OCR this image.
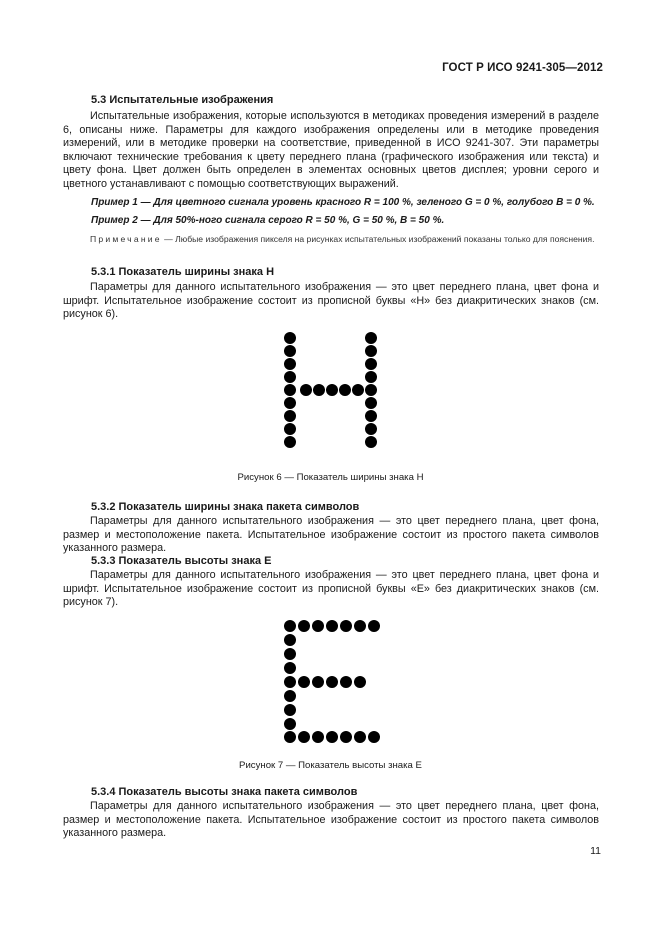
ГОСТ Р ИСО 9241-305—2012
5.3 Испытательные изображения
Испытательные изображения, которые используются в методиках проведения измерений в разделе 6, описаны ниже. Параметры для каждого изображения определены или в методике проведения измерений, или в методике проверки на соответствие, приведенной в ИСО 9241-307. Эти параметры включают технические требования к цвету переднего плана (графического изображения или текста) и цвету фона. Цвет должен быть определен в элементах основных цветов дисплея; уровни серого и цветного устанавливают с помощью соответствующих выражений.
Пример 1 — Для цветного сигнала уровень красного R = 100 %, зеленого G = 0 %, голубого B = 0 %.
Пример 2 — Для 50%-ного сигнала серого R = 50 %, G = 50 %, B = 50 %.
Примечание — Любые изображения пикселя на рисунках испытательных изображений показаны только для пояснения.
5.3.1 Показатель ширины знака Н
Параметры для данного испытательного изображения — это цвет переднего плана, цвет фона и шрифт. Испытательное изображение состоит из прописной буквы «Н» без диакритических знаков (см. рисунок 6).
Рисунок 6 — Показатель ширины знака Н
5.3.2 Показатель ширины знака пакета символов
Параметры для данного испытательного изображения — это цвет переднего плана, цвет фона, размер и местоположение пакета. Испытательное изображение состоит из простого пакета символов указанного размера.
5.3.3 Показатель высоты знака Е
Параметры для данного испытательного изображения — это цвет переднего плана, цвет фона и шрифт. Испытательное изображение состоит из прописной буквы «Е» без диакритических знаков (см. рисунок 7).
Рисунок 7 — Показатель высоты знака Е
5.3.4 Показатель высоты знака пакета символов
Параметры для данного испытательного изображения — это цвет переднего плана, цвет фона, размер и местоположение пакета. Испытательное изображение состоит из простого пакета символов указанного размера.
11
